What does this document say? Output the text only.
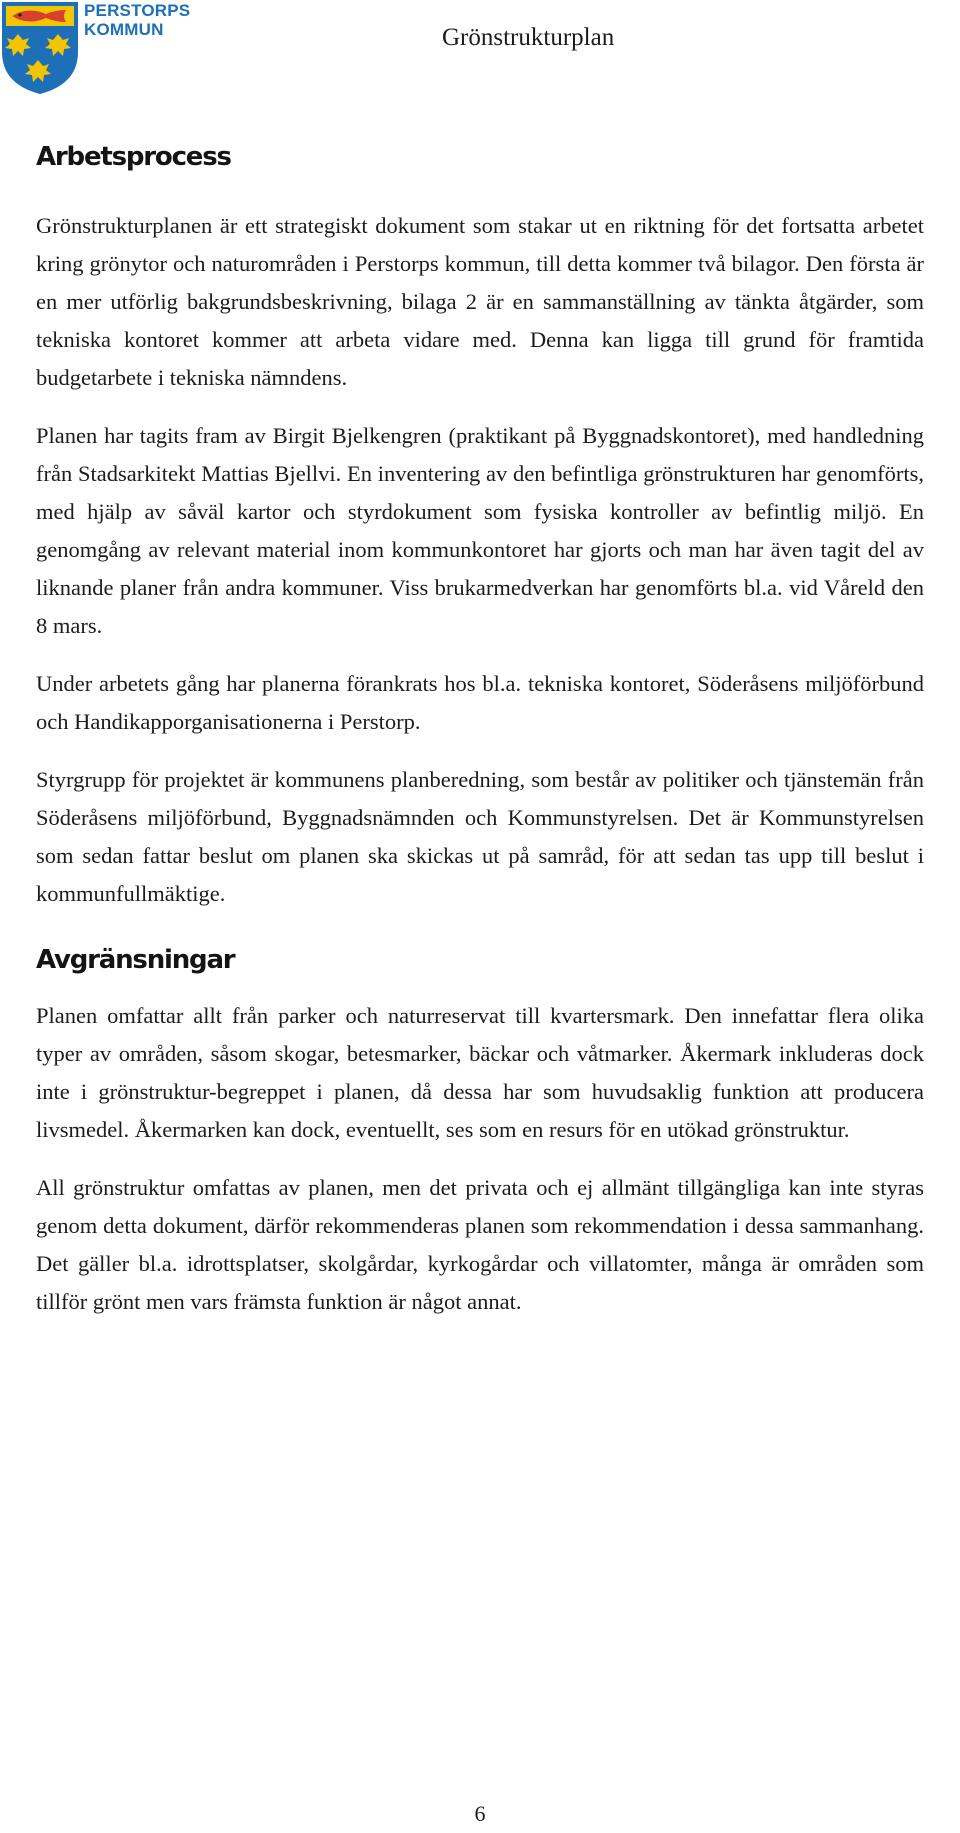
PERSTORPS
KOMMUN	Grönstrukturplan
Arbetsprocess

Grönstrukturplanen är ett strategiskt dokument som stakar ut en riktning för det fortsatta arbetet kring grönytor och naturområden i Perstorps kommun, till detta kommer två bilagor. Den första är en mer utförlig bakgrundsbeskrivning, bilaga 2 är en sammanställning av tänkta åtgärder, som tekniska kontoret kommer att arbeta vidare med. Denna kan ligga till grund för framtida budgetarbete i tekniska nämndens.

Planen har tagits fram av Birgit Bjelkengren (praktikant på Byggnadskontoret), med handledning från Stadsarkitekt Mattias Bjellvi. En inventering av den befintliga grönstrukturen har genomförts, med hjälp av såväl kartor och styrdokument som fysiska kontroller av befintlig miljö. En genomgång av relevant material inom kommunkontoret har gjorts och man har även tagit del av liknande planer från andra kommuner. Viss brukarmedverkan har genomförts bl.a. vid Våreld den 8 mars.

Under arbetets gång har planerna förankrats hos bl.a. tekniska kontoret, Söderåsens miljöförbund och Handikapporganisationerna i Perstorp.

Styrgrupp för projektet är kommunens planberedning, som består av politiker och tjänstemän från Söderåsens miljöförbund, Byggnadsnämnden och Kommunstyrelsen. Det är Kommunstyrelsen som sedan fattar beslut om planen ska skickas ut på samråd, för att sedan tas upp till beslut i kommunfullmäktige.

Avgränsningar

Planen omfattar allt från parker och naturreservat till kvartersmark. Den innefattar flera olika typer av områden, såsom skogar, betesmarker, bäckar och våtmarker. Åkermark inkluderas dock inte i grönstruktur-begreppet i planen, då dessa har som huvudsaklig funktion att producera livsmedel. Åkermarken kan dock, eventuellt, ses som en resurs för en utökad grönstruktur.

All grönstruktur omfattas av planen, men det privata och ej allmänt tillgängliga kan inte styras genom detta dokument, därför rekommenderas planen som rekommendation i dessa sammanhang. Det gäller bl.a. idrottsplatser, skolgårdar, kyrkogårdar och villatomter, många är områden som tillför grönt men vars främsta funktion är något annat.

6
